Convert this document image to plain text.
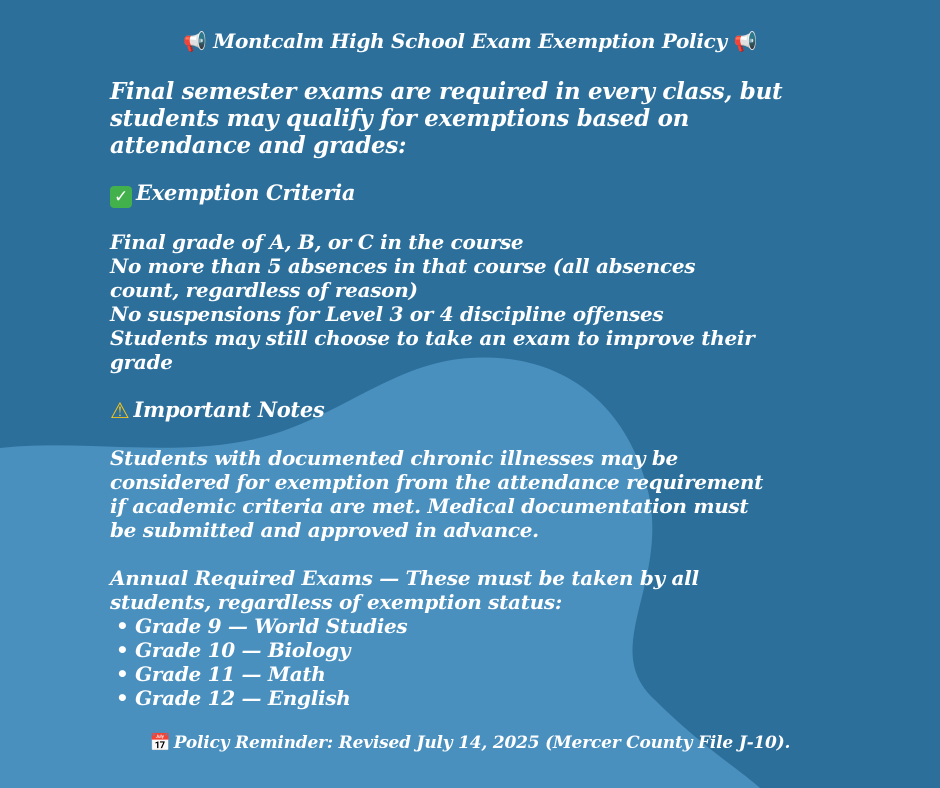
📢 Montcalm High School Exam Exemption Policy 📢
Final semester exams are required in every class, but
students may qualify for exemptions based on
attendance and grades:
✓ Exemption Criteria
Final grade of A, B, or C in the course
No more than 5 absences in that course (all absences
count, regardless of reason)
No suspensions for Level 3 or 4 discipline offenses
Students may still choose to take an exam to improve their
grade
⚠ Important Notes
Students with documented chronic illnesses may be
considered for exemption from the attendance requirement
if academic criteria are met. Medical documentation must
be submitted and approved in advance.
Annual Required Exams — These must be taken by all
students, regardless of exemption status:
• Grade 9 — World Studies
• Grade 10 — Biology
• Grade 11 — Math
• Grade 12 — English
📅 Policy Reminder: Revised July 14, 2025 (Mercer County File J-10).
